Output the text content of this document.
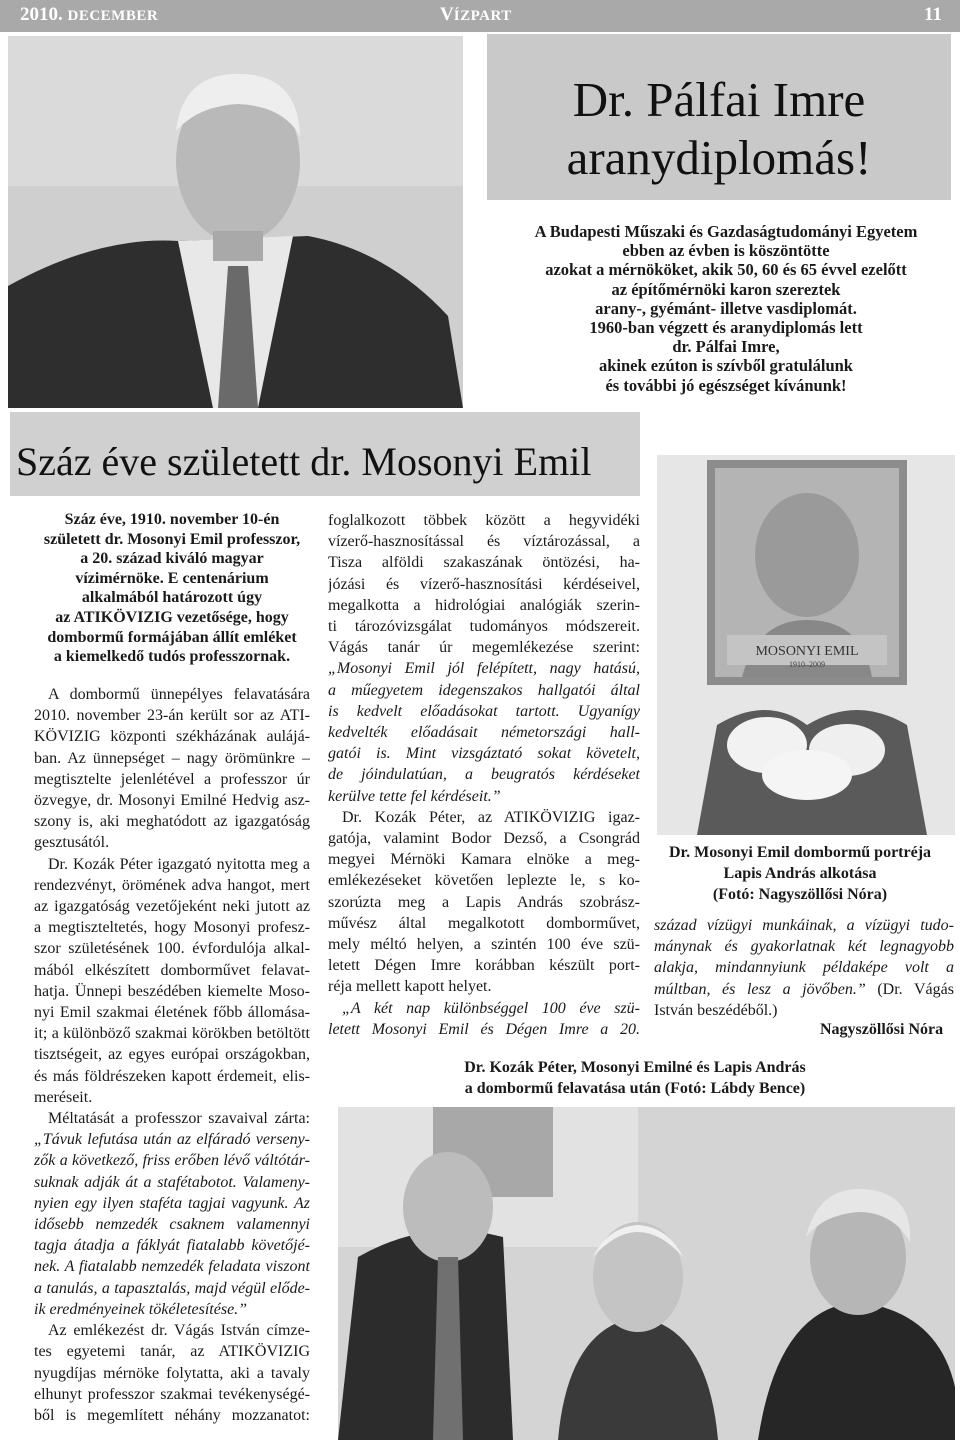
2010. DECEMBER	VÍZPART	11
Dr. Pálfai Imre
aranydiplomás!
A Budapesti Műszaki és Gazdaságtudományi Egyetem
ebben az évben is köszöntötte
azokat a mérnököket, akik 50, 60 és 65 évvel ezelőtt
az építőmérnöki karon szereztek
arany-, gyémánt- illetve vasdiplomát.
1960-ban végzett és aranydiplomás lett
dr. Pálfai Imre,
akinek ezúton is szívből gratulálunk
és további jó egészséget kívánunk!
Száz éve született dr. Mosonyi Emil
Száz éve, 1910. november 10-én
született dr. Mosonyi Emil professzor,
a 20. század kiváló magyar
vízimérnöke. E centenárium
alkalmából határozott úgy
az ATIKÖVIZIG vezetősége, hogy
dombormű formájában állít emléket
a kiemelkedő tudós professzornak.
A dombormű ünnepélyes felavatására
2010. november 23-án került sor az ATI-
KÖVIZIG központi székházának aulájá-
ban. Az ünnepséget – nagy örömünkre –
megtisztelte jelenlétével a professzor úr
özvegye, dr. Mosonyi Emilné Hedvig asz-
szony is, aki meghatódott az igazgatóság
gesztusától.
Dr. Kozák Péter igazgató nyitotta meg a
rendezvényt, örömének adva hangot, mert
az igazgatóság vezetőjeként neki jutott az
a megtiszteltetés, hogy Mosonyi profesz-
szor születésének 100. évfordulója alkal-
mából elkészített domborművet felavat-
hatja. Ünnepi beszédében kiemelte Moso-
nyi Emil szakmai életének főbb állomása-
it; a különböző szakmai körökben betöltött
tisztségeit, az egyes európai országokban,
és más földrészeken kapott érdemeit, elis-
meréseit.
Méltatását a professzor szavaival zárta:
„Távuk lefutása után az elfáradó verseny-
zők a következő, friss erőben lévő váltótár-
suknak adják át a stafétabotot. Valameny-
nyien egy ilyen staféta tagjai vagyunk. Az
idősebb nemzedék csaknem valamennyi
tagja átadja a fáklyát fiatalabb követőjé-
nek. A fiatalabb nemzedék feladata viszont
a tanulás, a tapasztalás, majd végül elődе-
ik eredményeinek tökéletesítése.”
Az emlékezést dr. Vágás István címze-
tes egyetemi tanár, az ATIKÖVIZIG
nyugdíjas mérnöke folytatta, aki a tavaly
elhunyt professzor szakmai tevékenységé-
ből is megemlített néhány mozzanatot:
foglalkozott többek között a hegyvidéki
vízerő-hasznosítással és víztározással, a
Tisza alföldi szakaszának öntözési, ha-
józási és vízerő-hasznosítási kérdéseivel,
megalkotta a hidrológiai analógiák szerin-
ti tározóvizsgálat tudományos módszereit.
Vágás tanár úr megemlékezése szerint:
„Mosonyi Emil jól felépített, nagy hatású,
a műegyetem idegenszakos hallgatói által
is kedvelt előadásokat tartott. Ugyanígy
kedvelték előadásait németországi hall-
gatói is. Mint vizsgáztató sokat követelt,
de jóindulatúan, a beugratós kérdéseket
kerülve tette fel kérdéseit.”
Dr. Kozák Péter, az ATIKÖVIZIG igaz-
gatója, valamint Bodor Dezső, a Csongrád
megyei Mérnöki Kamara elnöke a meg-
emlékezéseket követően leplezte le, s ko-
szorúzta meg a Lapis András szobrász-
művész által megalkotott domborművet,
mely méltó helyen, a szintén 100 éve szü-
letett Dégen Imre korábban készült port-
réja mellett kapott helyet.
„A két nap különbséggel 100 éve szü-
letett Mosonyi Emil és Dégen Imre a 20.
MOSONYI EMIL
1910–2009
Dr. Mosonyi Emil dombormű portréja
Lapis András alkotása
(Fotó: Nagyszöllősi Nóra)
század vízügyi munkáinak, a vízügyi tudo-
mánynak és gyakorlatnak két legnagyobb
alakja, mindannyiunk példaképe volt a
múltban, és lesz a jövőben.” (Dr. Vágás
István beszédéből.)
Nagyszöllősi Nóra
Dr. Kozák Péter, Mosonyi Emilné és Lapis András
a dombormű felavatása után (Fotó: Lábdy Bence)
